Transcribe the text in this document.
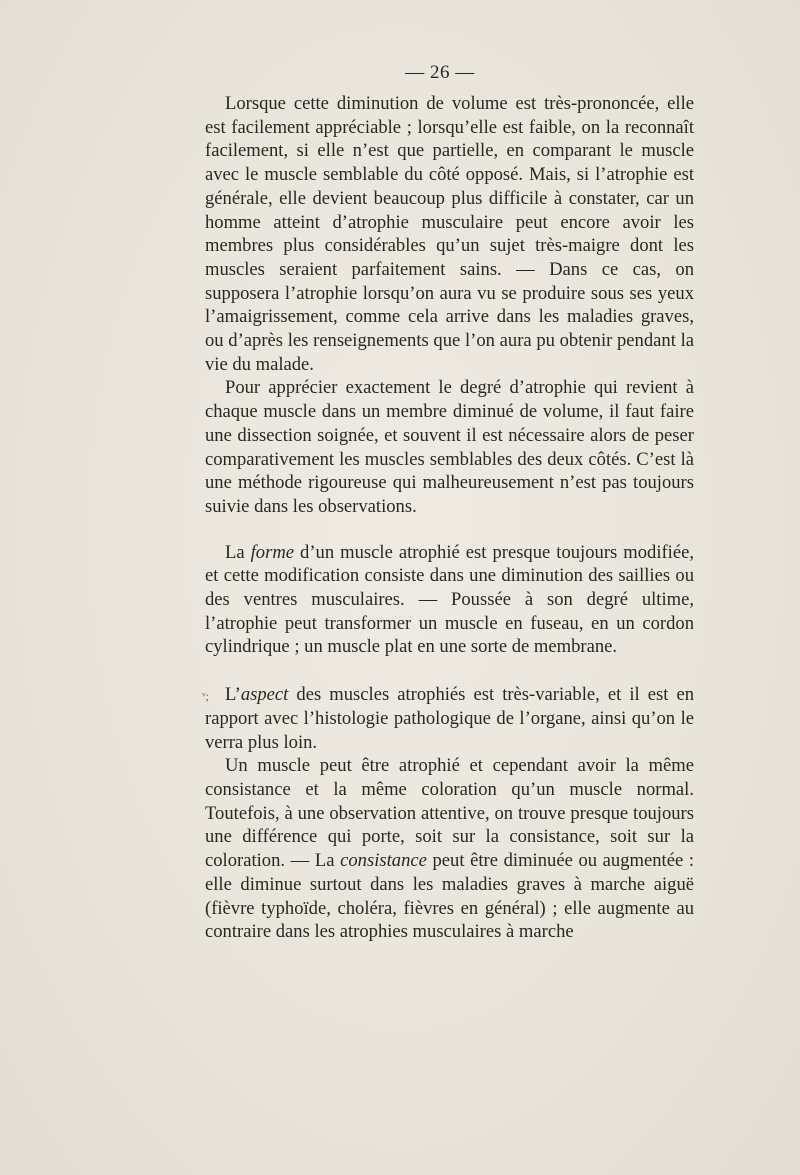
— 26 —
ᵛ;

Lorsque cette diminution de volume est très-prononcée, elle est facilement appréciable ; lorsqu’elle est faible, on la reconnaît facilement, si elle n’est que partielle, en comparant le muscle avec le muscle semblable du côté opposé. Mais, si l’atrophie est générale, elle devient beaucoup plus difficile à constater, car un homme atteint d’atrophie musculaire peut encore avoir les membres plus considérables qu’un sujet très-maigre dont les muscles seraient parfaitement sains. — Dans ce cas, on supposera l’atrophie lorsqu’on aura vu se produire sous ses yeux l’amaigrissement, comme cela arrive dans les maladies graves, ou d’après les renseignements que l’on aura pu obtenir pendant la vie du malade.

Pour apprécier exactement le degré d’atrophie qui revient à chaque muscle dans un membre diminué de volume, il faut faire une dissection soignée, et souvent il est nécessaire alors de peser comparativement les muscles semblables des deux côtés. C’est là une méthode rigoureuse qui malheureusement n’est pas toujours suivie dans les observations.

La forme d’un muscle atrophié est presque toujours modifiée, et cette modification consiste dans une diminution des saillies ou des ventres musculaires. — Poussée à son degré ultime, l’atrophie peut transformer un muscle en fuseau, en un cordon cylindrique ; un muscle plat en une sorte de membrane.

L’aspect des muscles atrophiés est très-variable, et il est en rapport avec l’histologie pathologique de l’organe, ainsi qu’on le verra plus loin.

Un muscle peut être atrophié et cependant avoir la même consistance et la même coloration qu’un muscle normal. Toutefois, à une observation attentive, on trouve presque toujours une différence qui porte, soit sur la consistance, soit sur la coloration. — La consistance peut être diminuée ou augmentée : elle diminue surtout dans les maladies graves à marche aiguë (fièvre typhoïde, choléra, fièvres en général) ; elle augmente au contraire dans les atrophies musculaires à marche
